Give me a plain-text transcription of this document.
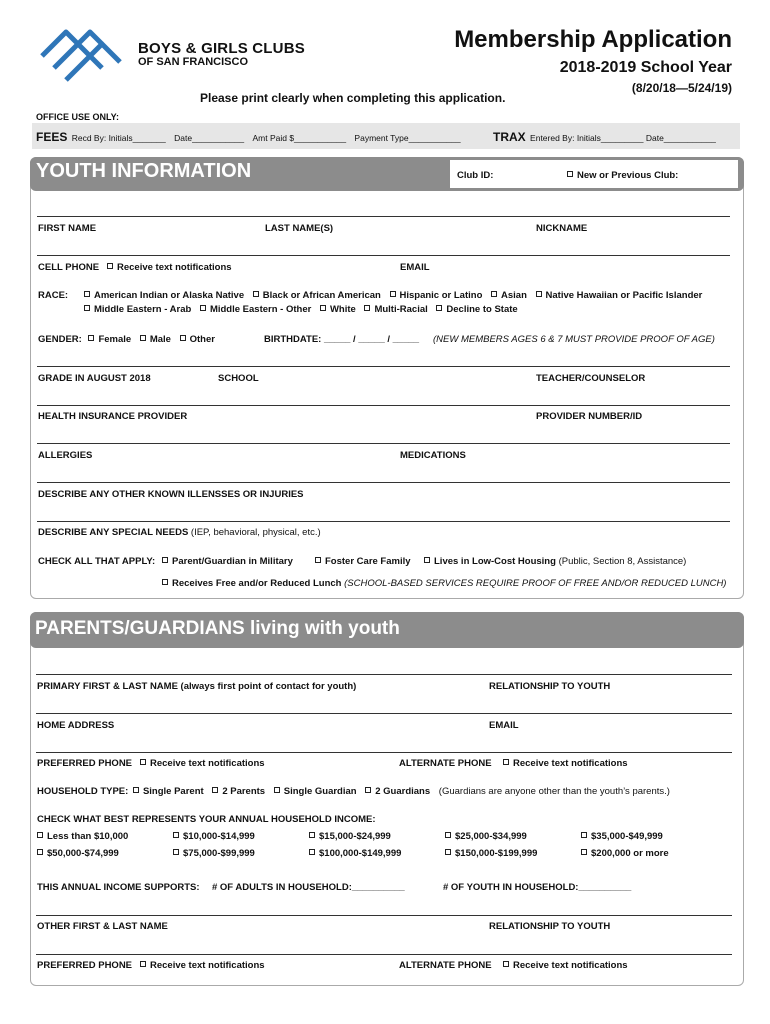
BOYS & GIRLS CLUBS
OF SAN FRANCISCO
Membership Application
2018-2019 School Year
(8/20/18—5/24/19)
Please print clearly when completing this application.
OFFICE USE ONLY:
FEES Recd By: Initials_______ Date___________ Amt Paid $___________ Payment Type___________	TRAX Entered By: Initials_________ Date___________
YOUTH INFORMATION	Club ID:	New or Previous Club:
FIRST NAME	LAST NAME(S)	NICKNAME
CELL PHONE	Receive text notifications	EMAIL
RACE:	American Indian or Alaska Native Black or African American Hispanic or Latino Asian Native Hawaiian or Pacific Islander
Middle Eastern - Arab Middle Eastern - Other White Multi-Racial Decline to State
GENDER: Female Male Other	BIRTHDATE: _____ / _____ / _____ (NEW MEMBERS AGES 6 & 7 MUST PROVIDE PROOF OF AGE)
GRADE IN AUGUST 2018	SCHOOL	TEACHER/COUNSELOR
HEALTH INSURANCE PROVIDER	PROVIDER NUMBER/ID
ALLERGIES	MEDICATIONS
DESCRIBE ANY OTHER KNOWN ILLENSSES OR INJURIES
DESCRIBE ANY SPECIAL NEEDS (IEP, behavioral, physical, etc.)
CHECK ALL THAT APPLY:	Parent/Guardian in Military	Foster Care Family	Lives in Low-Cost Housing (Public, Section 8, Assistance)
Receives Free and/or Reduced Lunch (SCHOOL-BASED SERVICES REQUIRE PROOF OF FREE AND/OR REDUCED LUNCH)
PARENTS/GUARDIANS living with youth
PRIMARY FIRST & LAST NAME (always first point of contact for youth)	RELATIONSHIP TO YOUTH
HOME ADDRESS	EMAIL
PREFERRED PHONE	Receive text notifications	ALTERNATE PHONE	Receive text notifications
HOUSEHOLD TYPE: Single Parent 2 Parents Single Guardian 2 Guardians (Guardians are anyone other than the youth’s parents.)
CHECK WHAT BEST REPRESENTS YOUR ANNUAL HOUSEHOLD INCOME:
Less than $10,000	$10,000-$14,999	$15,000-$24,999	$25,000-$34,999	$35,000-$49,999
$50,000-$74,999	$75,000-$99,999	$100,000-$149,999	$150,000-$199,999	$200,000 or more
THIS ANNUAL INCOME SUPPORTS: # OF ADULTS IN HOUSEHOLD:__________	# OF YOUTH IN HOUSEHOLD:__________
OTHER FIRST & LAST NAME	RELATIONSHIP TO YOUTH
PREFERRED PHONE	Receive text notifications	ALTERNATE PHONE	Receive text notifications
